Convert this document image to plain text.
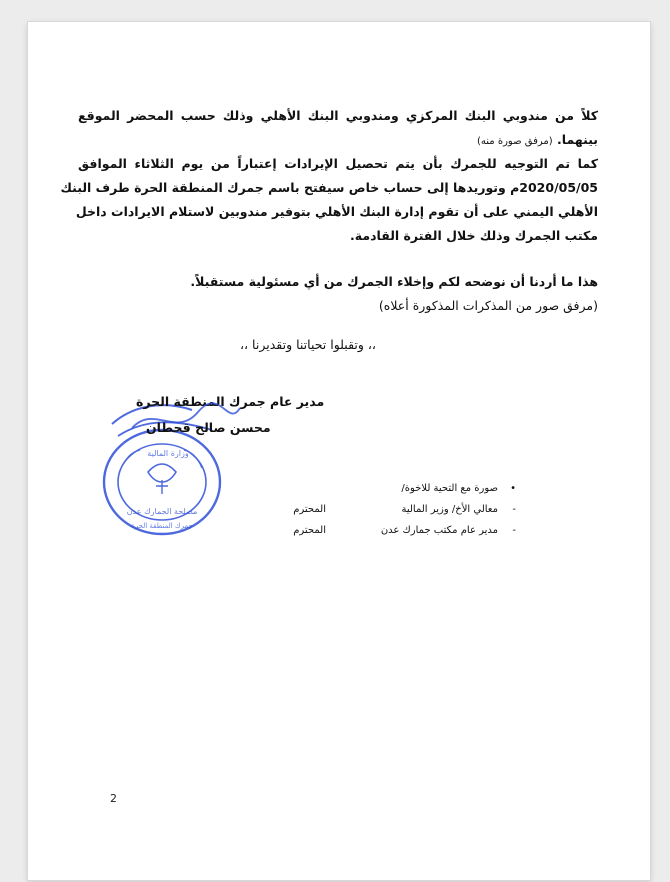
كلاً من مندوبي البنك المركزي ومندوبي البنك الأهلي وذلك حسب المحضر الموقع
بينهما. (مرفق صورة منه)
كما تم التوجيه للجمرك بأن يتم تحصيل الإيرادات إعتباراً من يوم الثلاثاء الموافق
2020/05/05م وتوريدها إلى حساب خاص سيفتح باسم جمرك المنطقة الحرة طرف البنك
الأهلي اليمني على أن تقوم إدارة البنك الأهلي بتوفير مندوبين لاستلام الايرادات داخل
مكتب الجمرك وذلك خلال الفترة القادمة.
هذا ما أردنا أن نوضحه لكم وإخلاء الجمرك من أي مسئولية مستقبلاً.
(مرفق صور من المذكرات المذكورة أعلاه)
،، وتقبلوا تحياتنا وتقديرنا ،،
وزارة المالية
مصلحة الجمارك عدن
جمرك المنطقة الحرة
مدير عام جمرك المنطقة الحرة
محسن صالح قحطان
•
صورة مع التحية للاخوة/
-
معالي الأخ/ وزير المالية
المحترم
-
مدير عام مكتب جمارك عدن
المحترم
2
